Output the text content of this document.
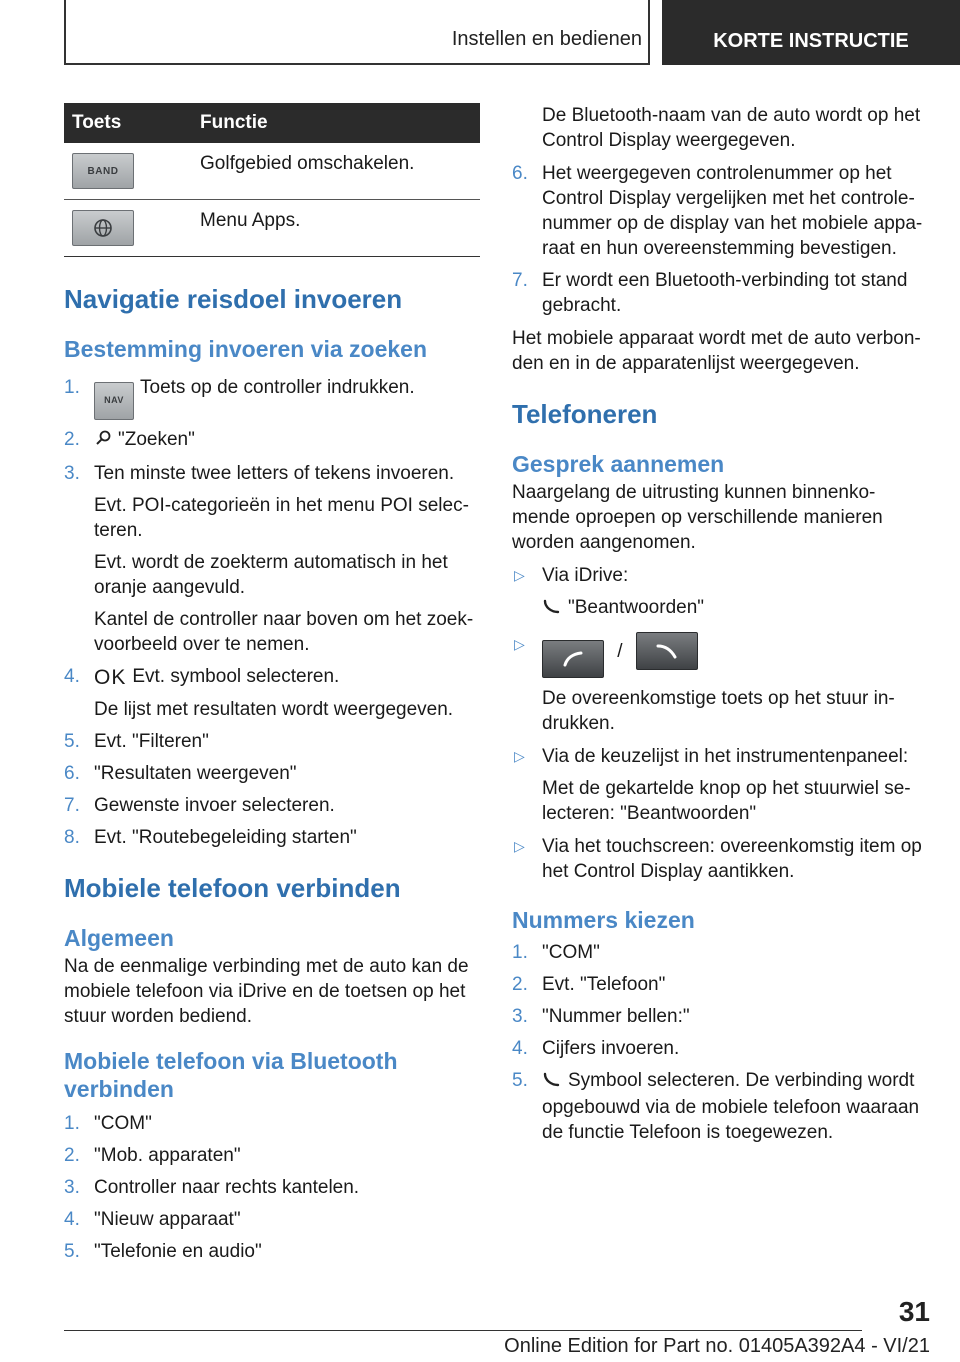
Instellen en bedienen	KORTE INSTRUCTIE
Toets	Functie

BAND	Golfgebied omschakelen.

	Menu Apps.
Navigatie reisdoel invoeren
Bestemming invoeren via zoeken
1.
NAVToets op de controller indrukken.
2. "Zoeken"
3. Ten minste twee letters of tekens invoeren.
Evt. POI-categorieën in het menu POI selec-teren.
Evt. wordt de zoekterm automatisch in het oranje aangevuld.
Kantel de controller naar boven om het zoek-voorbeeld over te nemen.
4. OK Evt. symbool selecteren.
De lijst met resultaten wordt weergegeven.
5. Evt. "Filteren"
6. "Resultaten weergeven"
7. Gewenste invoer selecteren.
8. Evt. "Routebegeleiding starten"
Mobiele telefoon verbinden
Algemeen

Na de eenmalige verbinding met de auto kan de mobiele telefoon via iDrive en de toetsen op het stuur worden bediend.

Mobiele telefoon via Bluetooth verbinden
1. "COM"
2. "Mob. apparaten"
3. Controller naar rechts kantelen.
4. "Nieuw apparaat"
5. "Telefonie en audio"

De Bluetooth-naam van de auto wordt op het Control Display weergegeven.

6. Het weergegeven controlenummer op het Control Display vergelijken met het controle-nummer op de display van het mobiele appa-raat en hun overeenstemming bevestigen.
7. Er wordt een Bluetooth-verbinding tot stand gebracht.

Het mobiele apparaat wordt met de auto verbon-den en in de apparatenlijst weergegeven.

Telefoneren
Gesprek aannemen

Naargelang de uitrusting kunnen binnenko-mende oproepen op verschillende manieren worden aangenomen.

▷ Via iDrive:
"Beantwoorden"
▷	/
De overeenkomstige toets op het stuur in-drukken.
▷ Via de keuzelijst in het instrumentenpaneel:
Met de gekartelde knop op het stuurwiel se-lecteren: "Beantwoorden"
▷ Via het touchscreen: overeenkomstig item op het Control Display aantikken.
Nummers kiezen
1. "COM"
2. Evt. "Telefoon"
3. "Nummer bellen:"
4. Cijfers invoeren.
5. Symbool selecteren. De verbinding wordt opgebouwd via de mobiele telefoon waaraan de functie Telefoon is toegewezen.
31
Online Edition for Part no. 01405A392A4 - VI/21
